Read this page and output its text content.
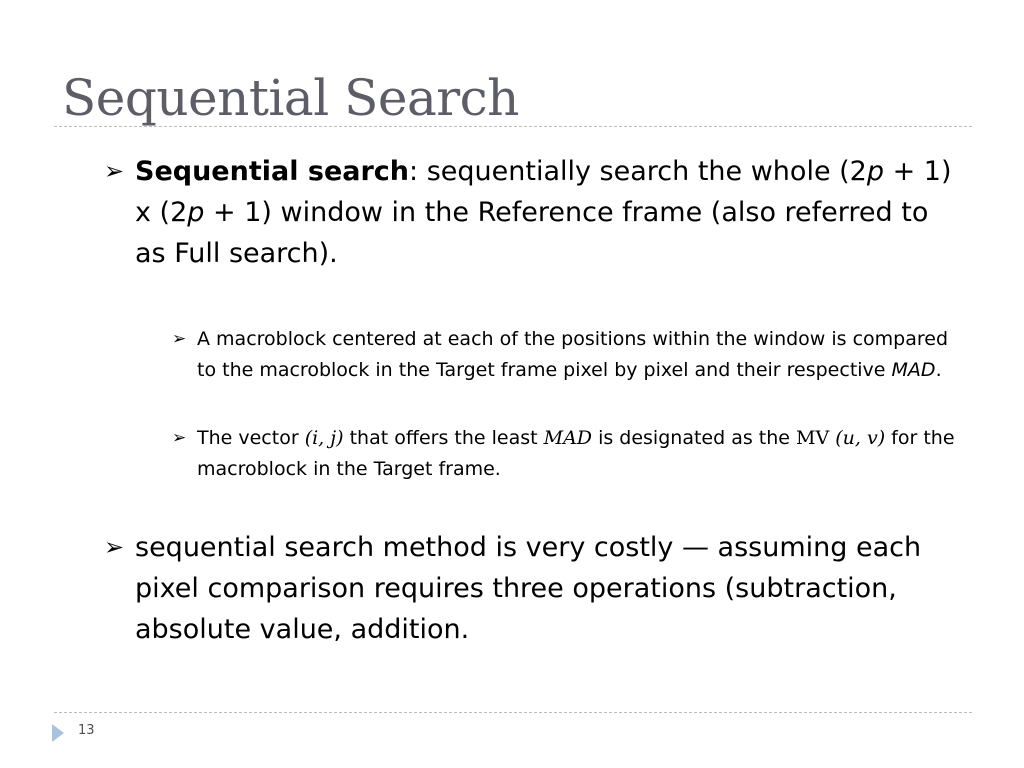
Sequential Search
➢ Sequential search: sequentially search the whole (2p + 1) x (2p + 1) window in the Reference frame (also referred to as Full search).
➢ A macroblock centered at each of the positions within the window is compared to the macroblock in the Target frame pixel by pixel and their respective MAD.
➢ The vector (i, j) that offers the least MAD is designated as the MV (u, v) for the macroblock in the Target frame.
➢ sequential search method is very costly — assuming each pixel comparison requires three operations (subtraction, absolute value, addition.
13
